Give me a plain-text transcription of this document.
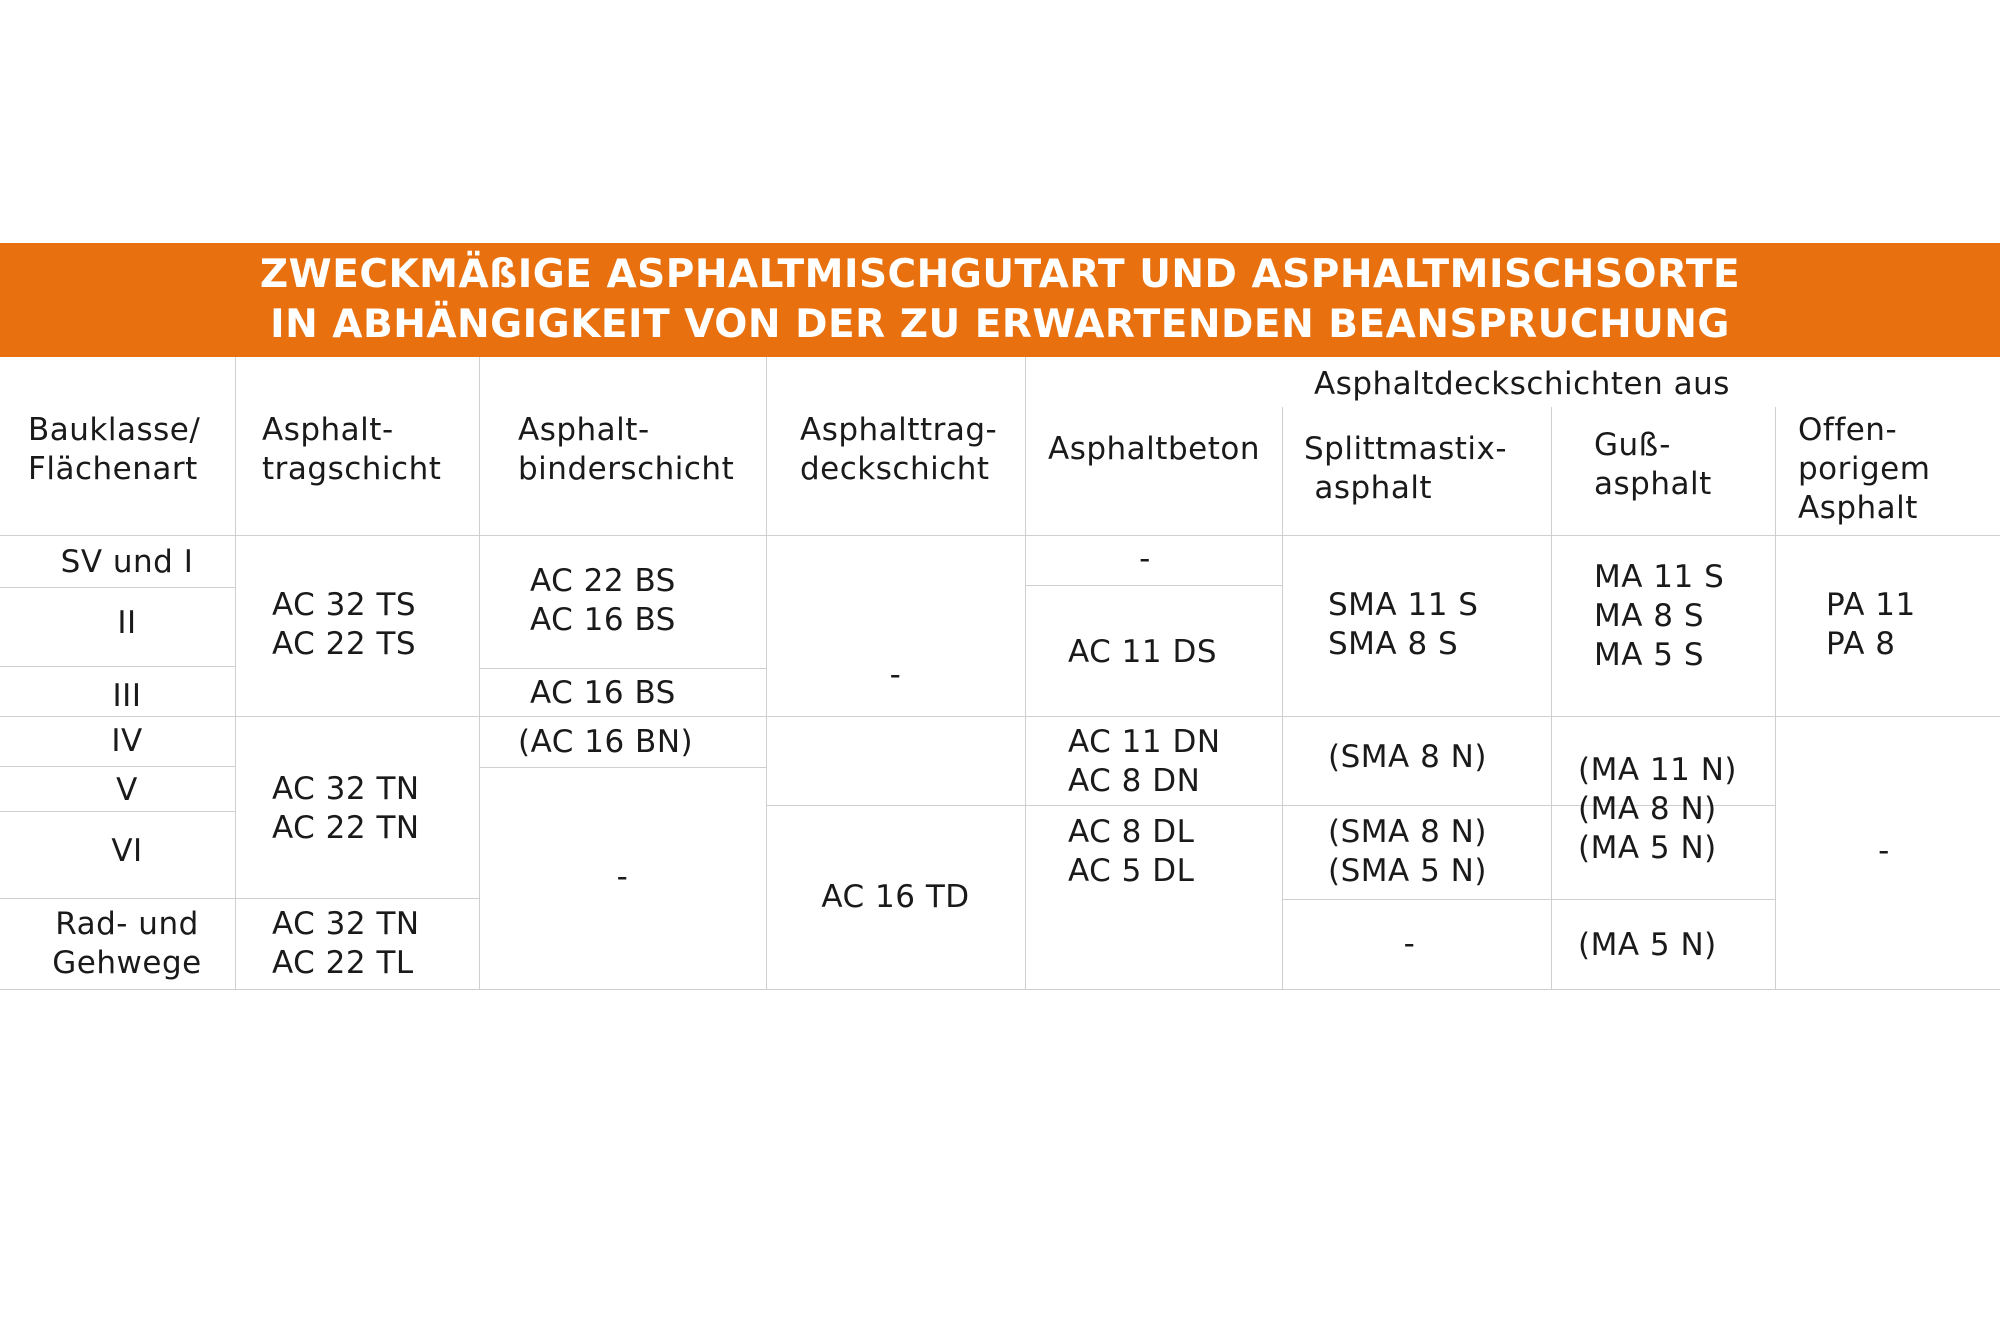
ZWECKMÄßIGE ASPHALTMISCHGUTART UND ASPHALTMISCHSORTE
IN ABHÄNGIGKEIT VON DER ZU ERWARTENDEN BEANSPRUCHUNG
Asphaltdeckschichten aus
Bauklasse/
Flächenart
Asphalt-
tragschicht
Asphalt-
binderschicht
Asphalttrag-
deckschicht
Asphaltbeton Splittmastix-
asphalt
Guß-
asphalt
Offen-
porigem
Asphalt
SV und I
II
III
IV
V
VI
Rad- und
Gehwege
AC 32 TS
AC 22 TS
AC 32 TN
AC 22 TN
AC 32 TN
AC 22 TL
AC 22 BS
AC 16 BS
AC 16 BS
(AC 16 BN)
-
-
AC 16 TD
-
AC 11 DS
AC 11 DN
AC 8 DN
AC 8 DL
AC 5 DL
SMA 11 S
SMA 8 S
(SMA 8 N)
(SMA 8 N)
(SMA 5 N)
-
MA 11 S
MA 8 S
MA 5 S
(MA 11 N)
(MA 8 N)
(MA 5 N)
(MA 5 N)
PA 11
PA 8
-
